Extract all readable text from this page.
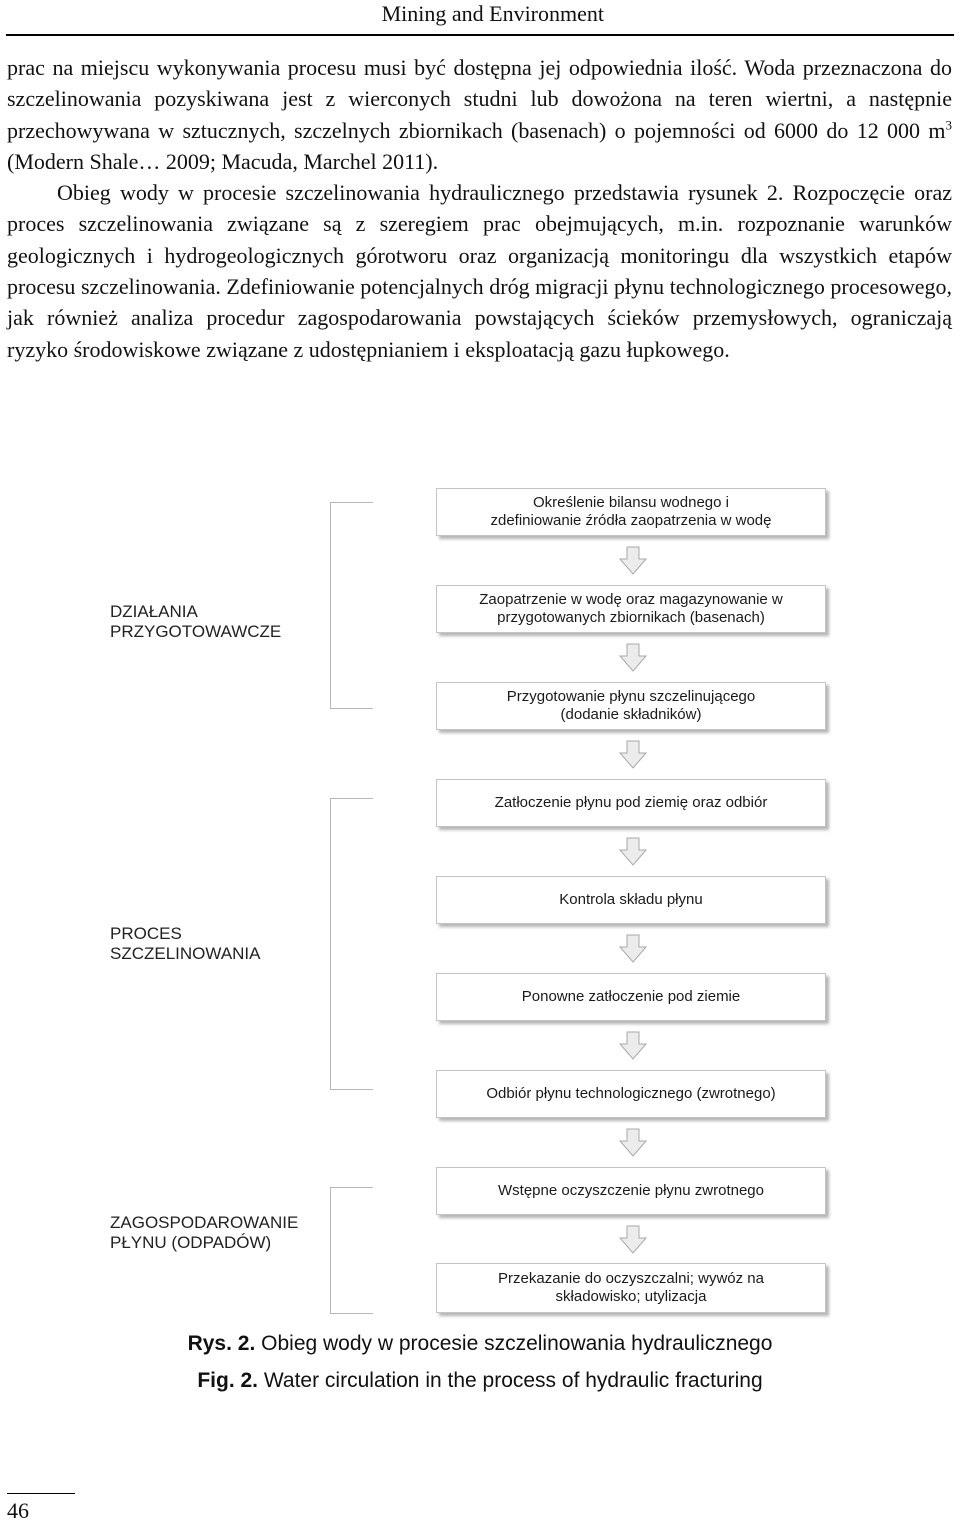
Mining and Environment

prac na miejscu wykonywania procesu musi być dostępna jej odpowiednia ilość. Woda przeznaczona do szczelinowania pozyskiwana jest z wierconych studni lub dowożona na teren wiertni, a następnie przechowywana w sztucznych, szczelnych zbiornikach (basenach) o pojemności od 6000 do 12 000 $m^3$ (Modern Shale… 2009; Macuda, Marchel 2011).

Obieg wody w procesie szczelinowania hydraulicznego przedstawia rysunek 2. Rozpoczęcie oraz proces szczelinowania związane są z szeregiem prac obejmujących, m.in. rozpoznanie warunków geologicznych i hydrogeologicznych górotworu oraz organizacją monitoringu dla wszystkich etapów procesu szczelinowania. Zdefiniowanie potencjalnych dróg migracji płynu technologicznego procesowego, jak również analiza procedur zagospodarowania powstających ścieków przemysłowych, ograniczają ryzyko środowiskowe związane z udostępnianiem i eksploatacją gazu łupkowego.

DZIAŁANIA
PRZYGOTOWAWCZE
PROCES
SZCZELINOWANIA
ZAGOSPODAROWANIE
PŁYNU (ODPADÓW)
Określenie bilansu wodnego i
zdefiniowanie źródła zaopatrzenia w wodę
Zaopatrzenie w wodę oraz magazynowanie w
przygotowanych zbiornikach (basenach)
Przygotowanie płynu szczelinującego
(dodanie składników)
Zatłoczenie płynu pod ziemię oraz odbiór
Kontrola składu płynu
Ponowne zatłoczenie pod ziemie
Odbiór płynu technologicznego (zwrotnego)
Wstępne oczyszczenie płynu zwrotnego
Przekazanie do oczyszczalni; wywóz na
składowisko; utylizacja
Rys. 2. Obieg wody w procesie szczelinowania hydraulicznego
Fig. 2. Water circulation in the process of hydraulic fracturing
46
